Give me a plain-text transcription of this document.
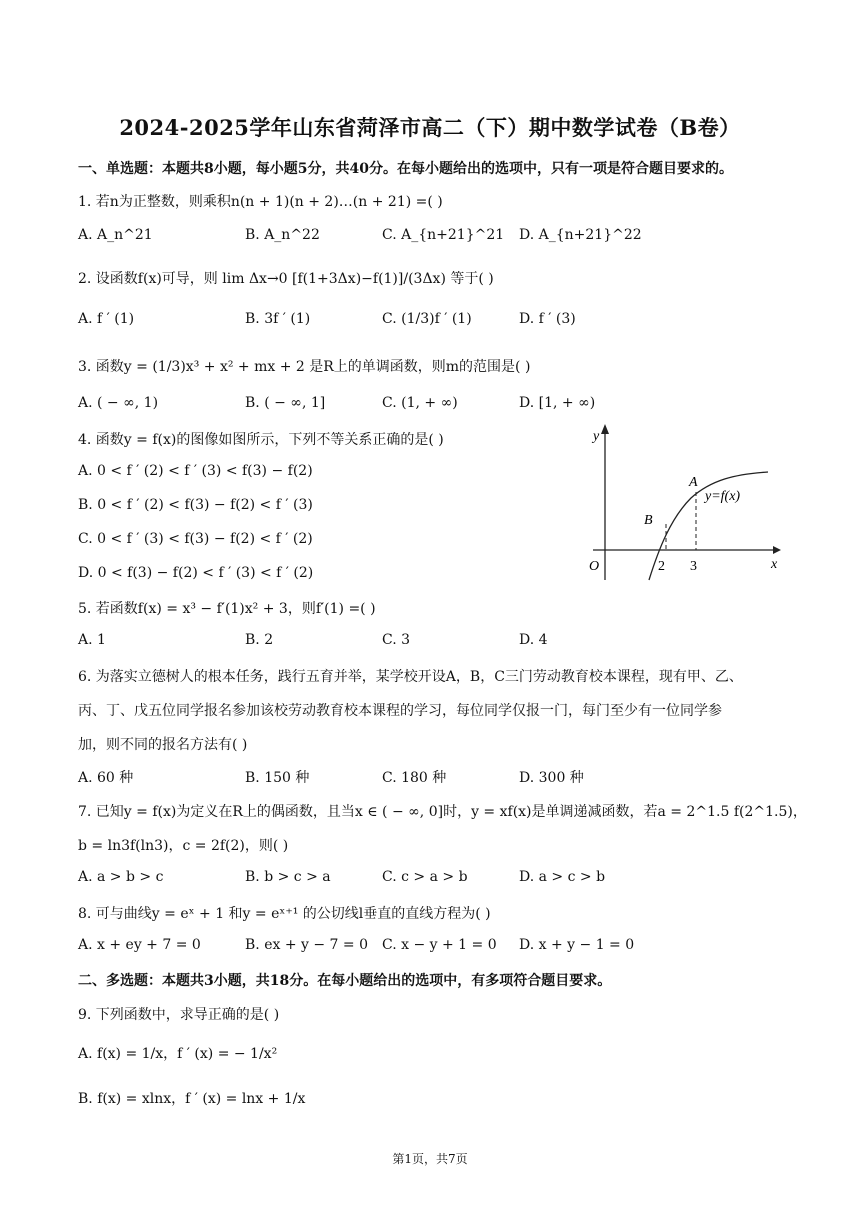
2024-2025学年山东省菏泽市高二（下）期中数学试卷（B卷）
一、单选题：本题共8小题，每小题5分，共40分。在每小题给出的选项中，只有一项是符合题目要求的。
1. 若n为正整数，则乘积n(n + 1)(n + 2)…(n + 21) =( )
A. A_n^21	B. A_n^22	C. A_{n+21}^21 D. A_{n+21}^22
2. 设函数f(x)可导，则 lim Δx→0 [f(1+3Δx)−f(1)]/(3Δx) 等于( )
A. f ′ (1)	B. 3f ′ (1)	C. (1/3)f ′ (1)	D. f ′ (3)
3. 函数y = (1/3)x³ + x² + mx + 2 是R上的单调函数，则m的范围是( )
A. ( − ∞, 1)	B. ( − ∞, 1]	C. (1, + ∞)	D. [1, + ∞)
4. 函数y = f(x)的图像如图所示，下列不等关系正确的是( )
A. 0 < f ′ (2) < f ′ (3) < f(3) − f(2)
B. 0 < f ′ (2) < f(3) − f(2) < f ′ (3)
C. 0 < f ′ (3) < f(3) − f(2) < f ′ (2)
D. 0 < f(3) − f(2) < f ′ (3) < f ′ (2)
y
x
O
A
B
y=f(x)
2 3
5. 若函数f(x) = x³ − f′(1)x² + 3，则f′(1) =( )
A. 1	B. 2	C. 3	D. 4
6. 为落实立德树人的根本任务，践行五育并举，某学校开设A，B，C三门劳动教育校本课程，现有甲、乙、
丙、丁、戊五位同学报名参加该校劳动教育校本课程的学习，每位同学仅报一门，每门至少有一位同学参
加，则不同的报名方法有( )
A. 60 种	B. 150 种	C. 180 种	D. 300 种
7. 已知y = f(x)为定义在R上的偶函数，且当x ∈ ( − ∞, 0]时，y = xf(x)是单调递减函数，若a = 2^1.5 f(2^1.5)，
b = ln3f(ln3)，c = 2f(2)，则( )
A. a > b > c	B. b > c > a	C. c > a > b	D. a > c > b
8. 可与曲线y = eˣ + 1 和y = eˣ⁺¹ 的公切线l垂直的直线方程为( )
A. x + ey + 7 = 0	B. ex + y − 7 = 0 C. x − y + 1 = 0 D. x + y − 1 = 0
二、多选题：本题共3小题，共18分。在每小题给出的选项中，有多项符合题目要求。
9. 下列函数中，求导正确的是( )
A. f(x) = 1/x，f ′ (x) = − 1/x²
B. f(x) = xlnx，f ′ (x) = lnx + 1/x
第1页，共7页
